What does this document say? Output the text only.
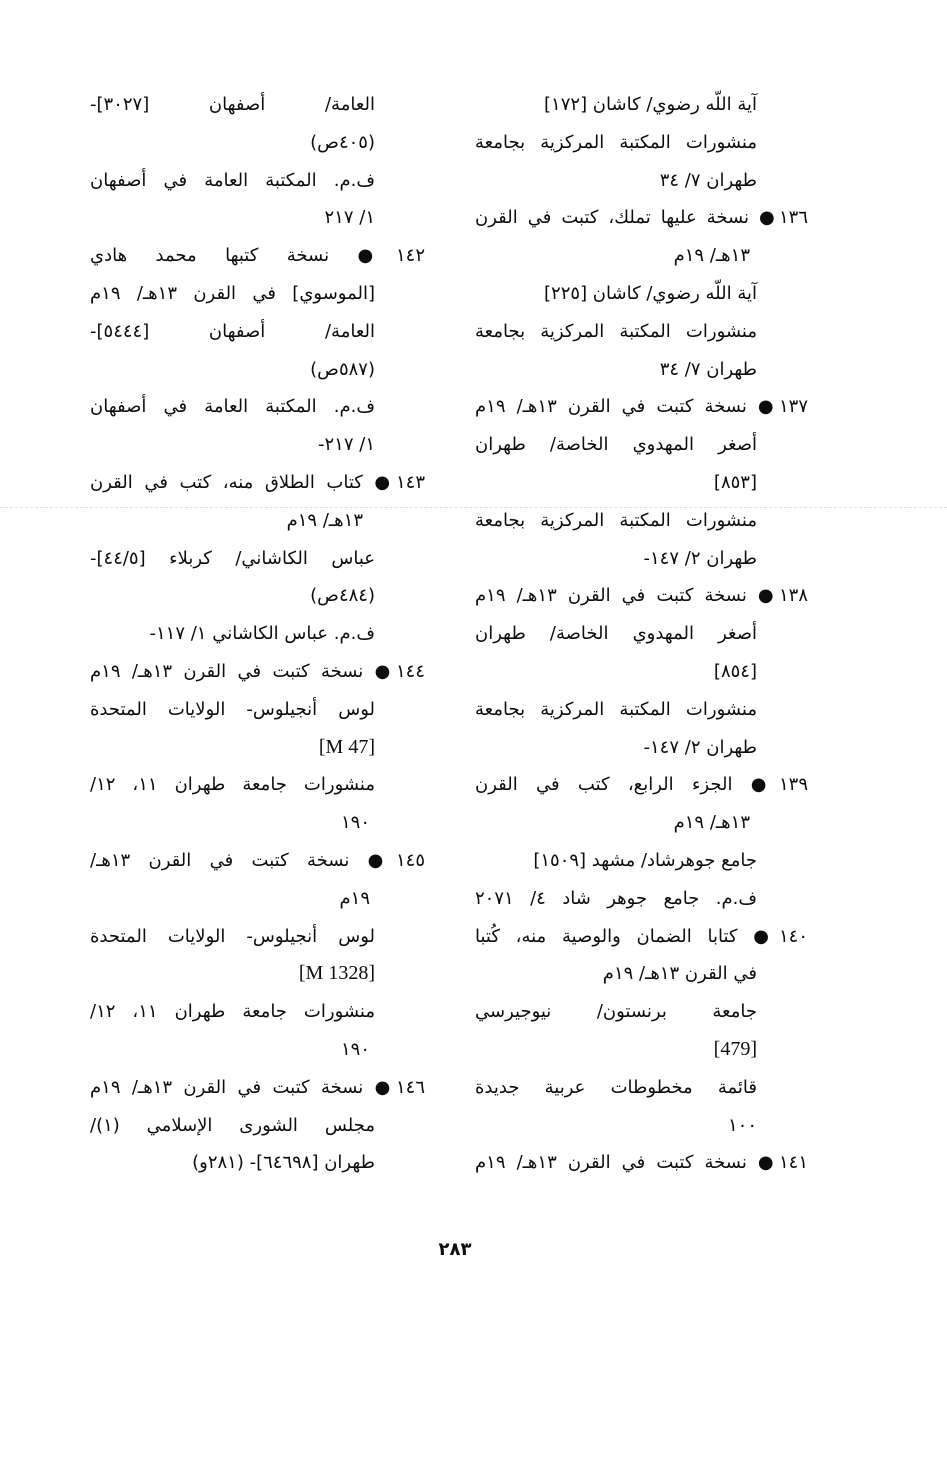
آية اللّه رضوي/ كاشان [١٧٢]
منشورات المكتبة المركزية بجامعة
طهران ٧/ ٣٤
١٣٦● نسخة عليها تملك، كتبت في القرن
١٣هـ/ ١٩م
آية اللّه رضوي/ كاشان [٢٢٥]
منشورات المكتبة المركزية بجامعة
طهران ٧/ ٣٤
١٣٧● نسخة كتبت في القرن ١٣هـ/ ١٩م
أصغر المهدوي الخاصة/ طهران
[٨٥٣]
منشورات المكتبة المركزية بجامعة
طهران ٢/ ١٤٧-
١٣٨● نسخة كتبت في القرن ١٣هـ/ ١٩م
أصغر المهدوي الخاصة/ طهران
[٨٥٤]
منشورات المكتبة المركزية بجامعة
طهران ٢/ ١٤٧-
١٣٩● الجزء الرابع، كتب في القرن
١٣هـ/ ١٩م
جامع جوهرشاد/ مشهد [١٥٠٩]
ف.م. جامع جوهر شاد ٤/ ٢٠٧١
١٤٠● كتابا الضمان والوصية منه، كُتبا
في القرن ١٣هـ/ ١٩م
جامعة برنستون/ نيوجيرسي
[479]
قائمة مخطوطات عربية جديدة
١٠٠
١٤١● نسخة كتبت في القرن ١٣هـ/ ١٩م
العامة/ أصفهان [٣٠٢٧]-
(٤٠٥ص)
ف.م. المكتبة العامة في أصفهان
١/ ٢١٧
١٤٢● نسخة كتبها محمد هادي
[الموسوي] في القرن ١٣هـ/ ١٩م
العامة/ أصفهان [٥٤٤٤]-
(٥٨٧ص)
ف.م. المكتبة العامة في أصفهان
١/ ٢١٧-
١٤٣● كتاب الطلاق منه، كتب في القرن
١٣هـ/ ١٩م
عباس الكاشاني/ كربلاء [٤٤/٥]-
(٤٨٤ص)
ف.م. عباس الكاشاني ١/ ١١٧-
١٤٤● نسخة كتبت في القرن ١٣هـ/ ١٩م
لوس أنجيلوس- الولايات المتحدة
[M 47]
منشورات جامعة طهران ١١، ١٢/
١٩٠
١٤٥● نسخة كتبت في القرن ١٣هـ/
١٩م
لوس أنجيلوس- الولايات المتحدة
[M 1328]
منشورات جامعة طهران ١١، ١٢/
١٩٠
١٤٦● نسخة كتبت في القرن ١٣هـ/ ١٩م
مجلس الشورى الإسلامي (١)/
طهران [٦٤٦٩٨]- (٢٨١و)
٢٨٣
